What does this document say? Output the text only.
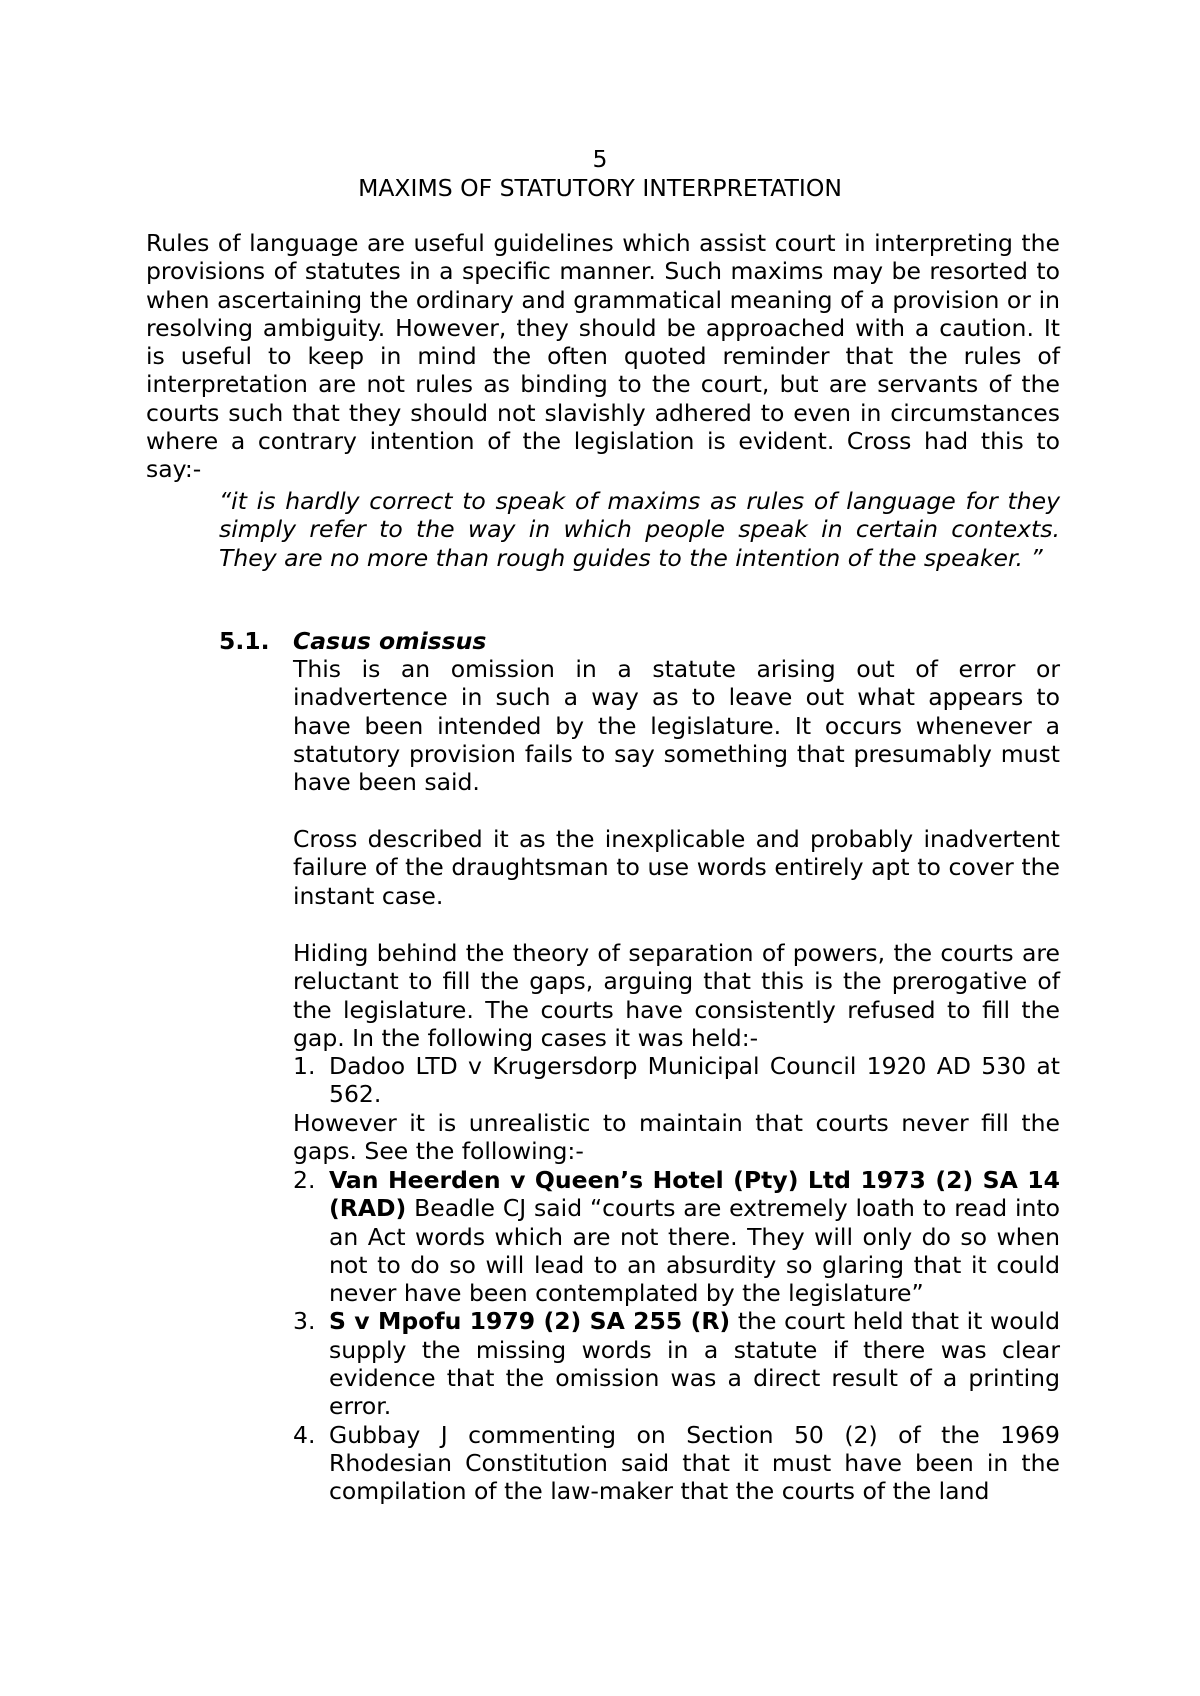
5

MAXIMS OF STATUTORY INTERPRETATION

Rules of language are useful guidelines which assist court in interpreting the provisions of statutes in a specific manner. Such maxims may be resorted to when ascertaining the ordinary and grammatical meaning of a provision or in resolving ambiguity. However, they should be approached with a caution. It is useful to keep in mind the often quoted reminder that the rules of interpretation are not rules as binding to the court, but are servants of the courts such that they should not slavishly adhered to even in circumstances where a contrary intention of the legislation is evident. Cross had this to say:-

“it is hardly correct to speak of maxims as rules of language for they simply refer to the way in which people speak in certain contexts. They are no more than rough guides to the intention of the speaker. ”

5.1. Casus omissus

This is an omission in a statute arising out of error or inadvertence in such a way as to leave out what appears to have been intended by the legislature. It occurs whenever a statutory provision fails to say something that presumably must have been said.

Cross described it as the inexplicable and probably inadvertent failure of the draughtsman to use words entirely apt to cover the instant case.

Hiding behind the theory of separation of powers, the courts are reluctant to fill the gaps, arguing that this is the prerogative of the legislature. The courts have consistently refused to fill the gap. In the following cases it was held:-

1. Dadoo LTD v Krugersdorp Municipal Council 1920 AD 530 at 562.

However it is unrealistic to maintain that courts never fill the gaps. See the following:-

2. Van Heerden v Queen’s Hotel (Pty) Ltd 1973 (2) SA 14 (RAD) Beadle CJ said “courts are extremely loath to read into an Act words which are not there. They will only do so when not to do so will lead to an absurdity so glaring that it could never have been contemplated by the legislature”
3. S v Mpofu 1979 (2) SA 255 (R) the court held that it would supply the missing words in a statute if there was clear evidence that the omission was a direct result of a printing error.
4. Gubbay J commenting on Section 50 (2) of the 1969 Rhodesian Constitution said that it must have been in the compilation of the law-maker that the courts of the land
